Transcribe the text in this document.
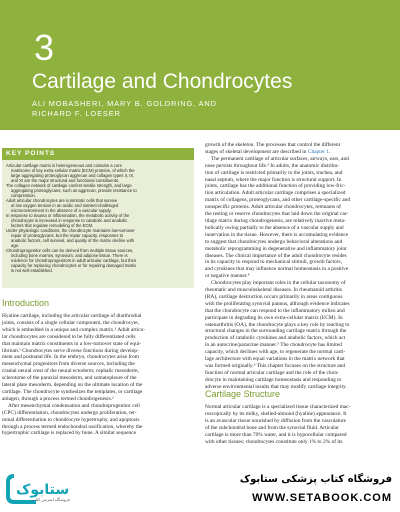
3
Cartilage and Chondrocytes
ALI MOBASHERI, MARY B. GOLDRING, AND
RICHARD F. LOESER
KEY POINTS
Articular cartilage matrix is heterogeneous and contains a core
matrisome of key extra-cellular matrix (ECM) proteins, of which the
large aggregating proteoglycan aggrecan and collagen types II, IX,
and XI are the major structural and functional constituents.
The collagen network of cartilage confers tensile strength, and large
aggregating proteoglycans, such as aggrecan, provide resistance to
compression.
Adult articular chondrocytes are nonmitotic cells that survive
at low oxygen tension in an acidic and nutrient-challenged
microenvironment in the absence of a vascular supply.
In response to trauma or inflammation, the metabolic activity of the
chondrocyte is increased in response to catabolic and anabolic
factors that regulate remodeling of the ECM.
Under physiologic conditions, the chondrocyte maintains low-turnover
repair of proteoglycans, but the repair capacity, responses to
anabolic factors, cell survival, and quality of the matrix decline with
age.
Chondroprogenitor cells can be derived from multiple tissue sources,
including bone marrow, synovium, and adipose tissue. There is
evidence for chondroprogenitors in adult articular cartilage, but their
capacity for replacing chondrocytes or for repairing damaged matrix
is not well established.
Introduction

Hyaline cartilage, including the articular cartilage of diarthrodial
joints, consists of a single cellular component, the chondrocyte,
which is embedded in a unique and complex matrix.¹ Adult articu-
lar chondrocytes are considered to be fully differentiated cells
that maintain matrix constituents in a low-turnover state of equi-
librium.¹ Chondrocytes serve diverse functions during develop-
ment and postnatal life. In the embryo, chondrocytes arise from
mesenchymal progenitors from diverse sources, including the
cranial neural crest of the neural ectoderm; cephalic mesoderm,
sclerotome of the paraxial mesoderm, and somatopleure of the
lateral plate mesoderm, depending on the ultimate location of the
cartilage. The chondrocyte synthesizes the templates, or cartilage
anlagen, through a process termed chondrogenesis.²

After mesenchymal condensation and chondroprogenitor cell
(CPC) differentiation, chondrocytes undergo proliferation, ter-
minal differentiation to chondrocyte hypertrophy, and apoptosis
through a process termed endochondral ossification, whereby the
hypertrophic cartilage is replaced by bone. A similar sequence

growth of the skeleton. The processes that control the different
stages of skeletal development are described in Chapter 1.

The permanent cartilage of articular surfaces, airways, ears, and
nose persists throughout life.³ In adults, the anatomic distribu-
tion of cartilage is restricted primarily to the joints, trachea, and
nasal septum, where the major function is structural support. In
joints, cartilage has the additional function of providing low-fric-
tion articulation. Adult articular cartilage comprises a specialized
matrix of collagens, proteoglycans, and other cartilage-specific and
nonspecific proteins. Adult articular chondrocytes, remnants of
the resting or reserve chondrocytes that laid down the original car-
tilage matrix during chondrogenesis, are relatively inactive meta-
bolically owing partially to the absence of a vascular supply and
innervation in the tissue. However, there is accumulating evidence
to suggest that chondrocytes undergo behavioral alterations and
metabolic reprogramming in degenerative and inflammatory joint
diseases. The clinical importance of the adult chondrocyte resides
in its capacity to respond to mechanical stimuli, growth factors,
and cytokines that may influence normal homeostasis in a positive
or negative manner.⁴

Chondrocytes play important roles in the cellular taxonomy of
rheumatic and musculoskeletal diseases. In rheumatoid arthritis
(RA), cartilage destruction occurs primarily in areas contiguous
with the proliferating synovial pannus, although evidence indicates
that the chondrocyte can respond to the inflammatory milieu and
participate in degrading its own extra-cellular matrix (ECM). In
osteoarthritis (OA), the chondrocyte plays a key role by reacting to
structural changes in the surrounding cartilage matrix through the
production of catabolic cytokines and anabolic factors, which act
in an autocrine/paracrine manner.⁵ The chondrocyte has limited
capacity, which declines with age, to regenerate the normal carti-
lage architecture with equal variations in the matrix network that
was formed originally.⁶ This chapter focuses on the structure and
function of normal articular cartilage and the role of the chon-
drocyte in maintaining cartilage homeostasis and responding to
adverse environmental insults that may modify cartilage integrity.

Cartilage Structure

Normal articular cartilage is a specialized tissue characterized mac-
roscopically by its milky, shelled-almond (hyaline) appearance. It
is an avascular tissue nourished by diffusion from the vasculature
of the subchondral bone and from the synovial fluid. Articular
cartilage is more than 70% water, and it is hypocellular compared
with other tissues; chondrocytes constitute only 1% to 2% of its

ستابوک
فروشگاه اینترنتی کتاب
فروشگاه کتاب پزشکی ستابوک
WWW.SETABOOK.COM
